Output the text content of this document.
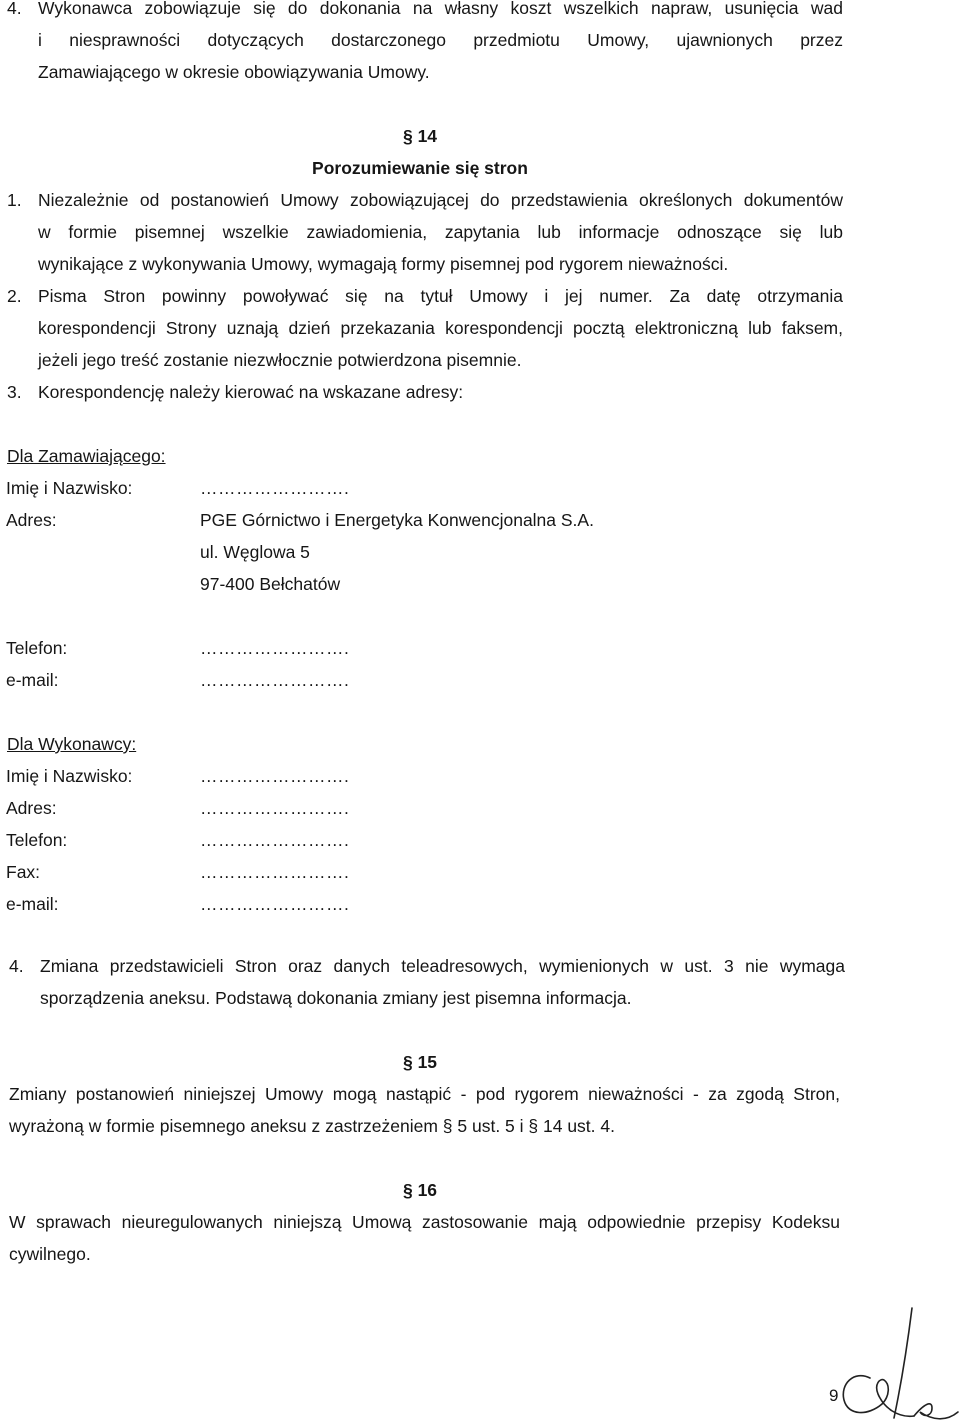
4. Wykonawca zobowiązuje się do dokonania na własny koszt wszelkich napraw, usunięcia wad
i niesprawności dotyczących dostarczonego przedmiotu Umowy, ujawnionych przez
Zamawiającego w okresie obowiązywania Umowy.
§ 14
Porozumiewanie się stron
1. Niezależnie od postanowień Umowy zobowiązującej do przedstawienia określonych dokumentów
w formie pisemnej wszelkie zawiadomienia, zapytania lub informacje odnoszące się lub
wynikające z wykonywania Umowy, wymagają formy pisemnej pod rygorem nieważności.
2. Pisma Stron powinny powoływać się na tytuł Umowy i jej numer. Za datę otrzymania
korespondencji Strony uznają dzień przekazania korespondencji pocztą elektroniczną lub faksem,
jeżeli jego treść zostanie niezwłocznie potwierdzona pisemnie.
3. Korespondencję należy kierować na wskazane adresy:
Dla Zamawiającego:
Imię i Nazwisko:	…………………….
Adres:	PGE Górnictwo i Energetyka Konwencjonalna S.A.
ul. Węglowa 5
97-400 Bełchatów
Telefon:	…………………….
e-mail:	…………………….
Dla Wykonawcy:
Imię i Nazwisko:	…………………….
Adres:	…………………….
Telefon:	…………………….
Fax:	…………………….
e-mail:	…………………….
4. Zmiana przedstawicieli Stron oraz danych teleadresowych, wymienionych w ust. 3 nie wymaga
sporządzenia aneksu. Podstawą dokonania zmiany jest pisemna informacja.
§ 15
Zmiany postanowień niniejszej Umowy mogą nastąpić - pod rygorem nieważności - za zgodą Stron,
wyrażoną w formie pisemnego aneksu z zastrzeżeniem § 5 ust. 5 i § 14 ust. 4.
§ 16
W sprawach nieuregulowanych niniejszą Umową zastosowanie mają odpowiednie przepisy Kodeksu
cywilnego.
9
